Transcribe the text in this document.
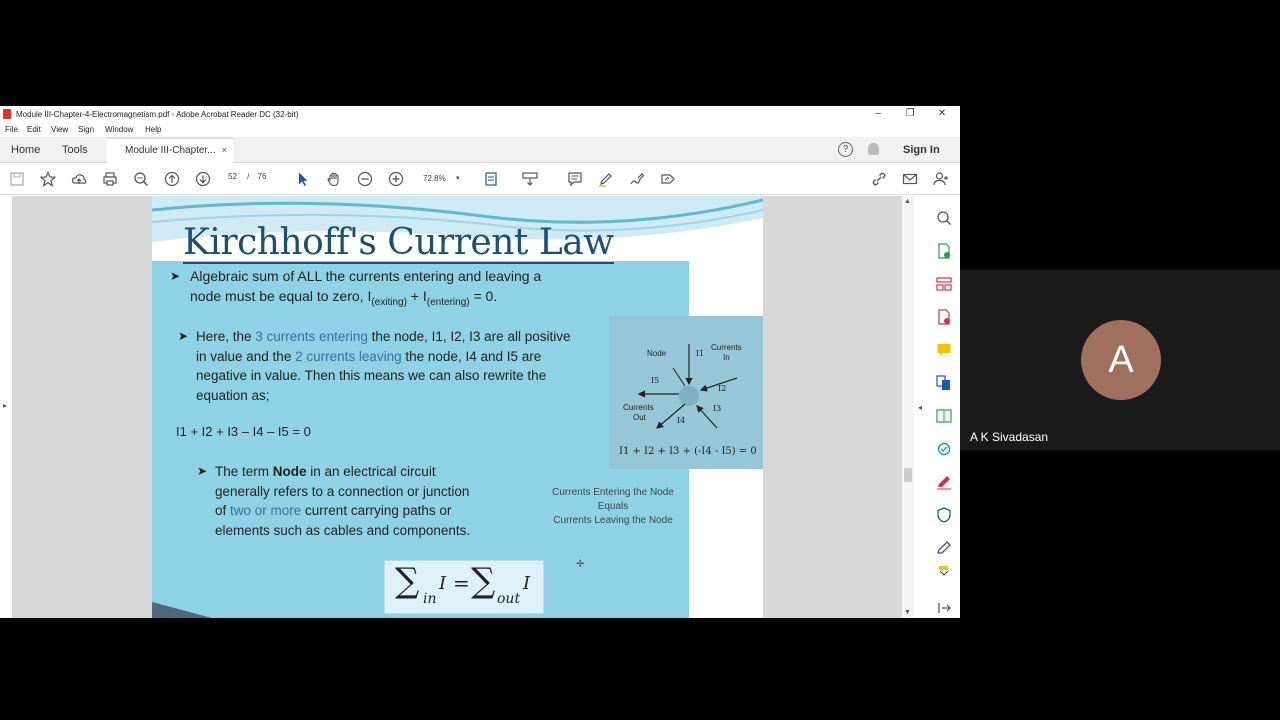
Module III-Chapter-4-Electromagnetism.pdf - Adobe Acrobat Reader DC (32-bit)	–	❐ ✕
File Edit View Sign Window Help
Home Tools	Module III-Chapter... ×	?	Sign In
52 / 76	72.8% ▾
▸
Kirchhoff's Current Law
➤ Algebraic sum of ALL the currents entering and leaving a
node must be equal to zero, $I_{(exiting)} + I_{(entering)} = 0$.
➤ Here, the 3 currents entering the node, I1, I2, I3 are all positive
in value and the 2 currents leaving the node, I4 and I5 are
negative in value. Then this means we can also rewrite the
equation as;
I1 + I2 + I3 – I4 – I5 = 0
➤ The term Node in an electrical circuit
generally refers to a connection or junction
of two or more current carrying paths or
elements such as cables and components.
Node
Currents
In
Currents
Out
I1
I2
I3
I4
I5
I1 + I2 + I3 + (-I4 - I5) = 0
Currents Entering the Node
Equals
Currents Leaving the Node
∑ in
I = ∑ out
I
✛
▲
▼
◂
A
A K Sivadasan
